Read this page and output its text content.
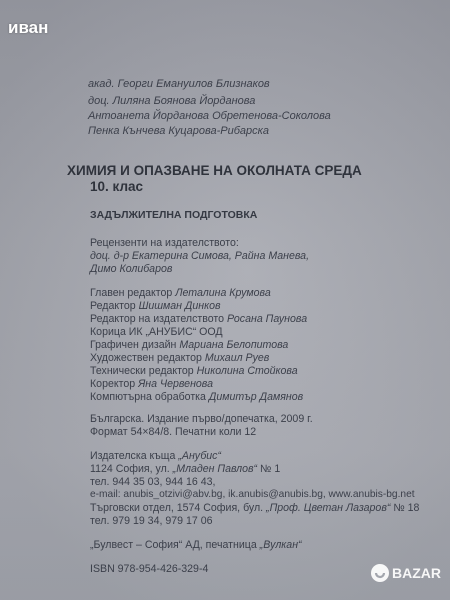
иван
акад. Георги Емануилов Близнаков
доц. Лиляна Боянова Йорданова
Антоанета Йорданова Обретенова-Соколова
Пенка Кънчева Куцарова-Рибарска
ХИМИЯ И ОПАЗВАНЕ НА ОКОЛНАТА СРЕДА
10. клас
ЗАДЪЛЖИТЕЛНА ПОДГОТОВКА
Рецензенти на издателството:
доц. д-р Екатерина Симова, Райна Манева,
Димо Колибаров
Главен редактор Леталина Крумова
Редактор Шишман Динков
Редактор на издателството Росана Паунова
Корица ИК „АНУБИС“ ООД
Графичен дизайн Мариана Белопитова
Художествен редактор Михаил Руев
Технически редактор Николина Стойкова
Коректор Яна Червенова
Компютърна обработка Димитър Дамянов
Българска. Издание първо/допечатка, 2009 г.
Формат 54×84/8. Печатни коли 12
Издателска къща „Анубис“
1124 София, ул. „Младен Павлов“ № 1
тел. 944 35 03, 944 16 43,
e-mail: anubis_otzivi@abv.bg, ik.anubis@anubis.bg, www.anubis-bg.net
Търговски отдел, 1574 София, бул. „Проф. Цветан Лазаров“ № 18
тел. 979 19 34, 979 17 06
„Булвест – София“ АД, печатница „Вулкан“
ISBN 978-954-426-329-4	BAZAR
